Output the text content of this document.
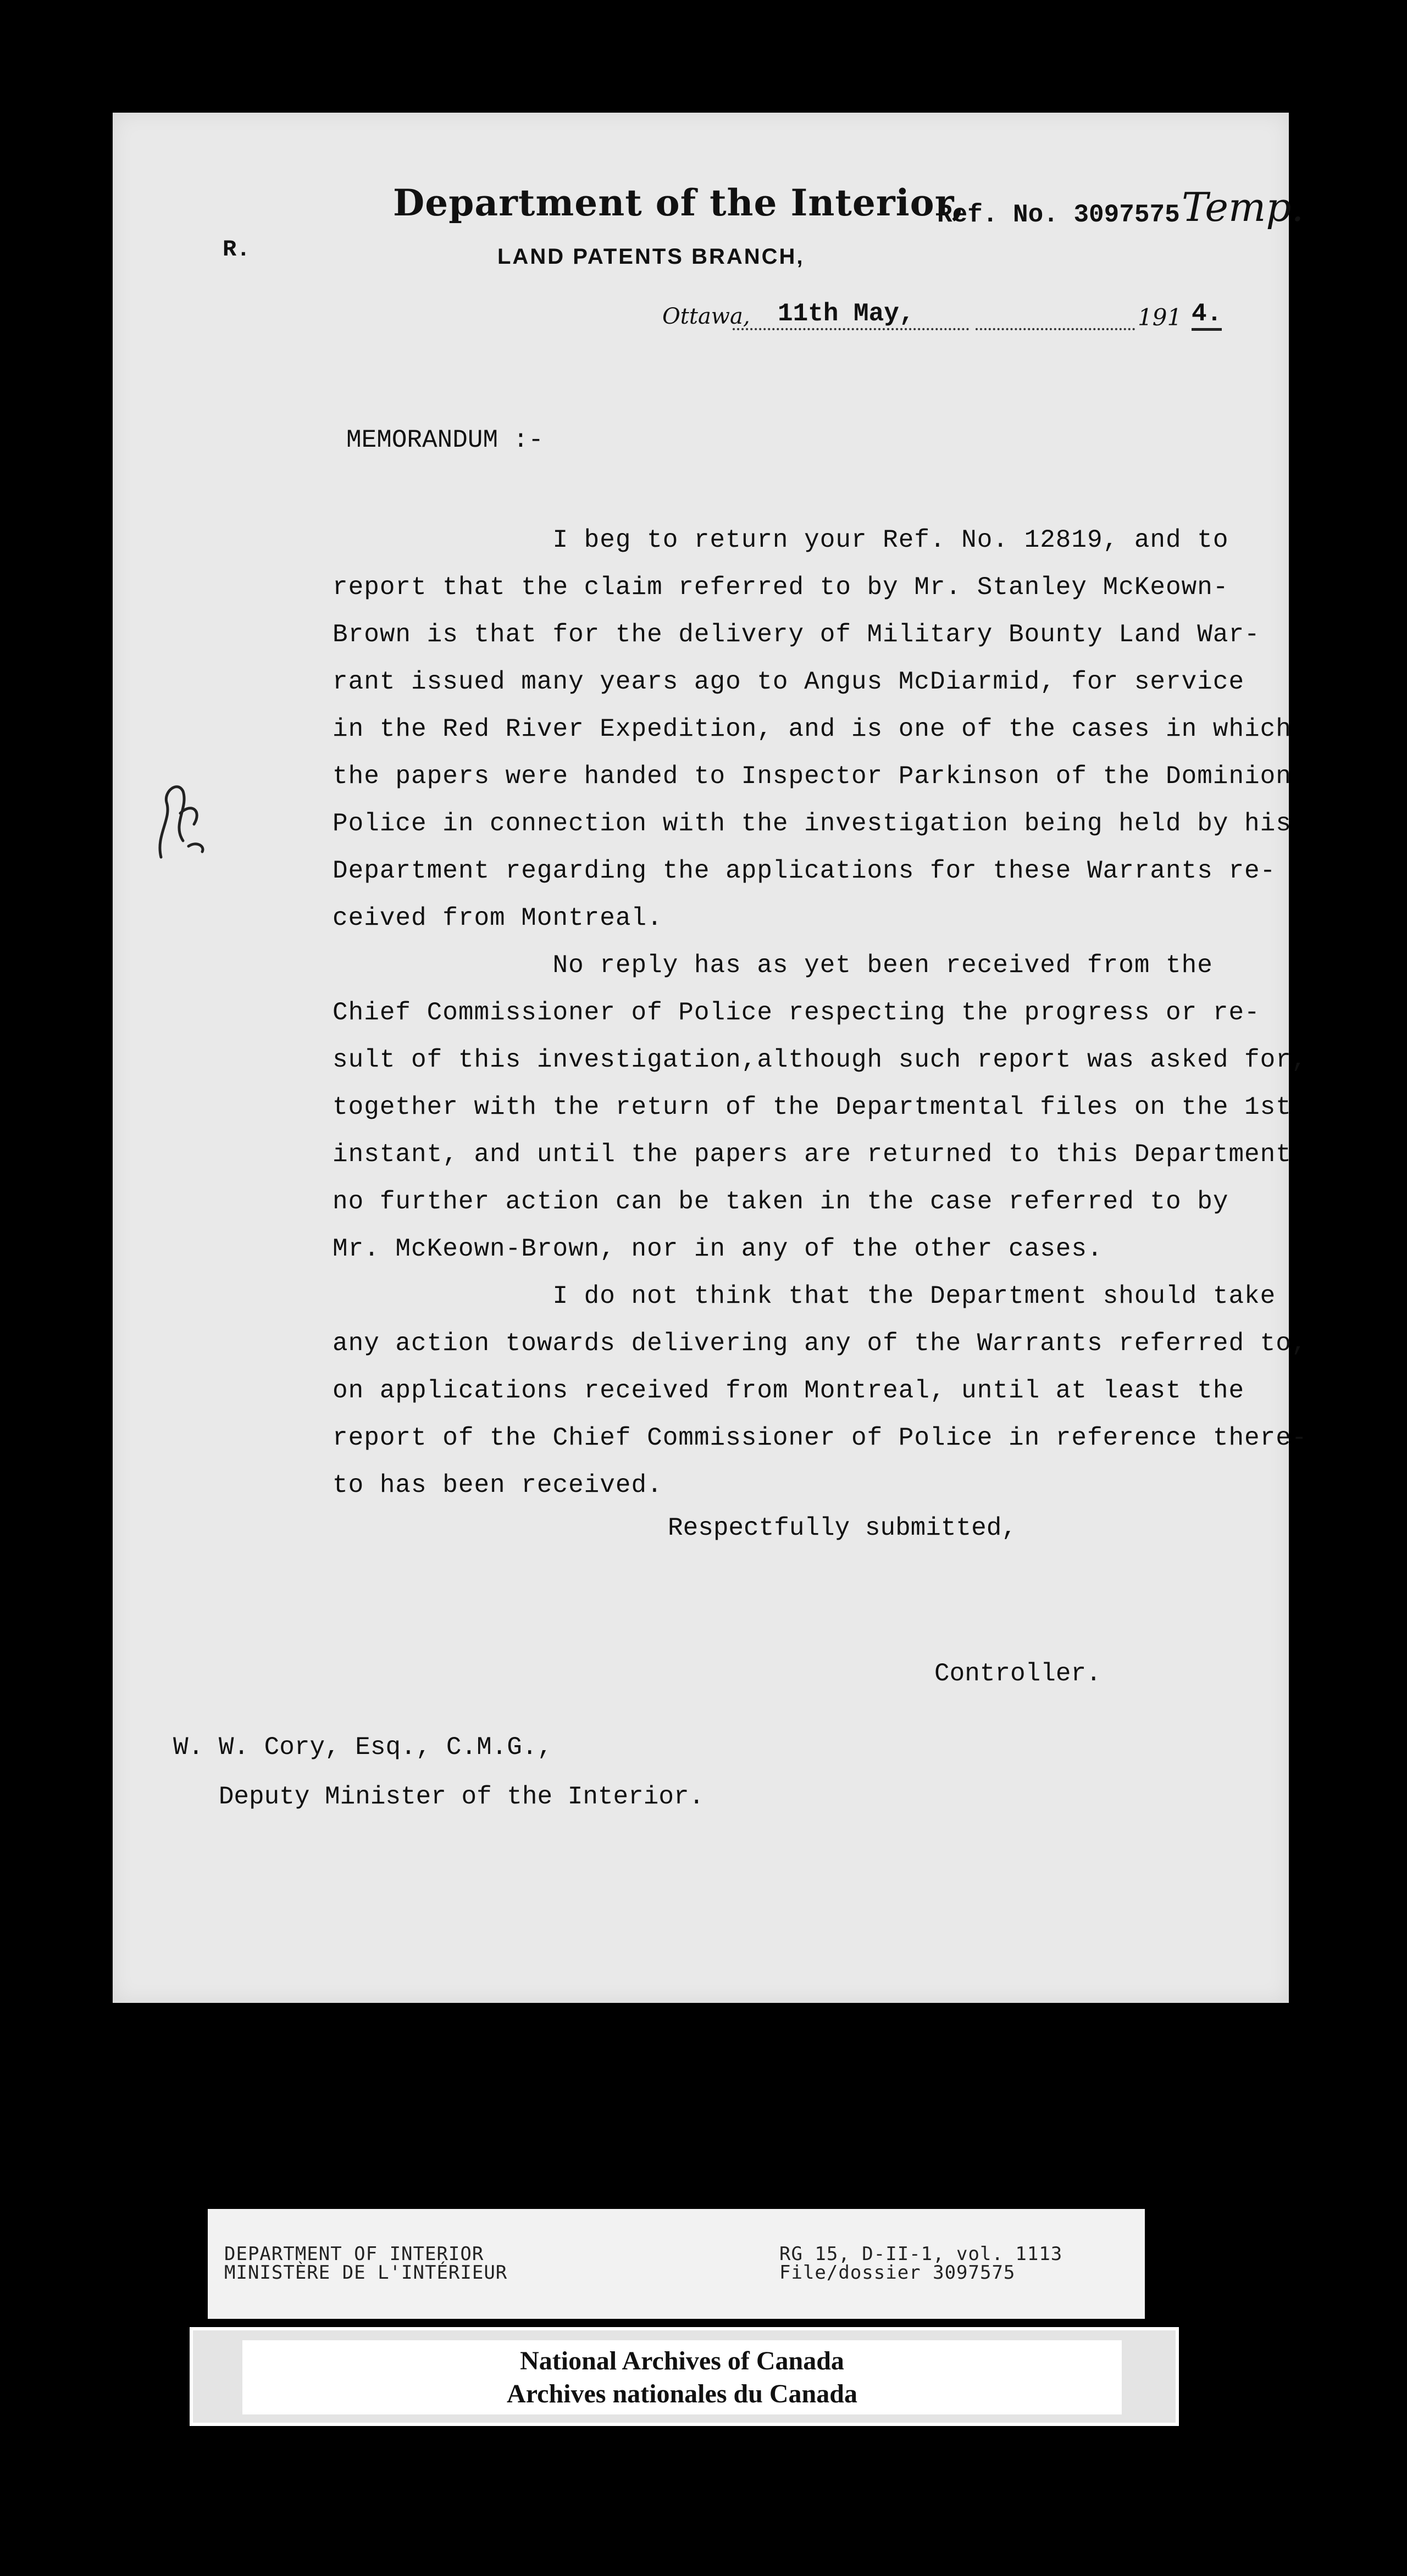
Department of the Interior,
Ref. No. 3097575 Temp.
R.	LAND PATENTS BRANCH,
Ottawa, 11th May,	191 4.
MEMORANDUM :-
I beg to return your Ref. No. 12819, and to
report that the claim referred to by Mr. Stanley McKeown-
Brown is that for the delivery of Military Bounty Land War-
rant issued many years ago to Angus McDiarmid, for service
in the Red River Expedition, and is one of the cases in which
the papers were handed to Inspector Parkinson of the Dominion
Police in connection with the investigation being held by his
Department regarding the applications for these Warrants re-
ceived from Montreal.
No reply has as yet been received from the
Chief Commissioner of Police respecting the progress or re-
sult of this investigation,although such report was asked for,
together with the return of the Departmental files on the 1st
instant, and until the papers are returned to this Department
no further action can be taken in the case referred to by
Mr. McKeown-Brown, nor in any of the other cases.
I do not think that the Department should take
any action towards delivering any of the Warrants referred to,
on applications received from Montreal, until at least the
report of the Chief Commissioner of Police in reference there-
to has been received.
Respectfully submitted,
Controller.
W. W. Cory, Esq., C.M.G.,
Deputy Minister of the Interior.
DEPARTMENT OF INTERIOR
MINISTÈRE DE L'INTÉRIEUR
RG 15, D-II-1, vol. 1113
File/dossier 3097575
National Archives of Canada
Archives nationales du Canada
